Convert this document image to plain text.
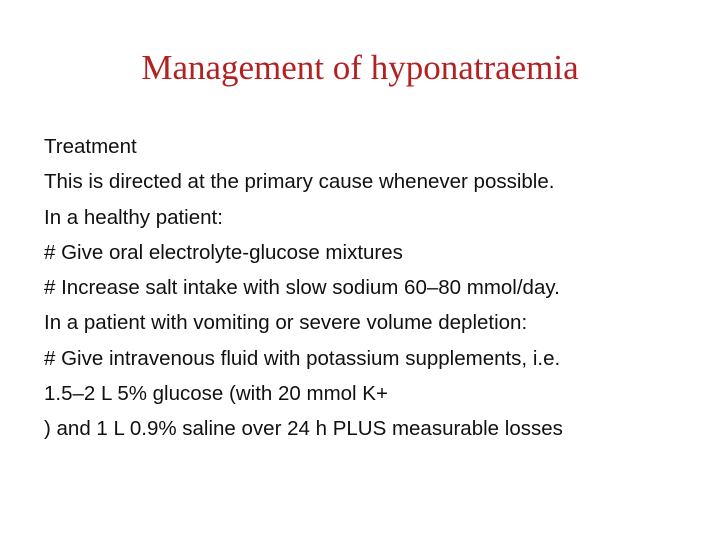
Management of hyponatraemia
Treatment
This is directed at the primary cause whenever possible.
In a healthy patient:
# Give oral electrolyte-glucose mixtures
# Increase salt intake with slow sodium 60–80 mmol/day.
In a patient with vomiting or severe volume depletion:
# Give intravenous fluid with potassium supplements, i.e.
1.5–2 L 5% glucose (with 20 mmol K+
) and 1 L 0.9% saline over 24 h PLUS measurable losses
